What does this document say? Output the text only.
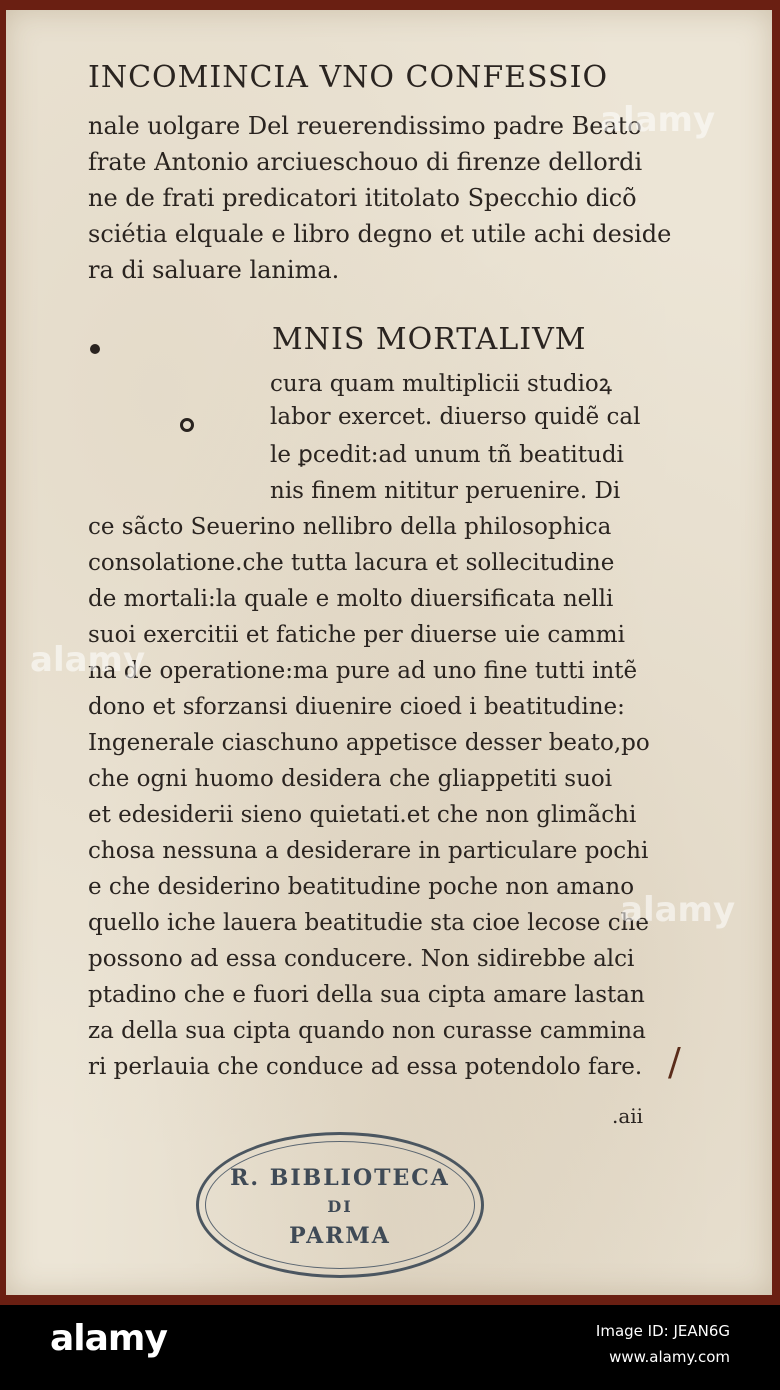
INCOMINCIA VNO CONFESSIO
nale uolgare Del reuerendissimo padre Beato
frate Antonio arciueschouo di firenze dellordi
ne de frati predicatori ititolato Specchio dicõ
sciétia elquale e libro degno et utile achi deside
ra di saluare lanima.
MNIS MORTALIVM
cura quam multiplicii studioꝝ
labor exercet. diuerso quidẽ cal
le ꝑcedit:ad unum tñ beatitudi
nis finem nititur peruenire. Di
ce sãcto Seuerino nellibro della philosophica
consolatione.che tutta lacura et sollecitudine
de mortali:la quale e molto diuersificata nelli
suoi exercitii et fatiche per diuerse uie cammi
na de operatione:ma pure ad uno fine tutti intẽ
dono et sforzansi diuenire cioed i beatitudine:
Ingenerale ciaschuno appetisce desser beato,po
che ogni huomo desidera che gliappetiti suoi
et edesiderii sieno quietati.et che non glimãchi
chosa nessuna a desiderare in particulare pochi
e che desiderino beatitudine poche non amano
quello iche lauera beatitudie sta cioe lecose che
possono ad essa conducere. Non sidirebbe alci
ptadino che e fuori della sua cipta amare lastan
za della sua cipta quando non curasse cammina
ri perlauia che conduce ad essa potendolo fare. /
.aii
R. BIBLIOTECA
DI
PARMA
alamy
alamy
alamy
alamy	Image ID: JEAN6G
www.alamy.com
